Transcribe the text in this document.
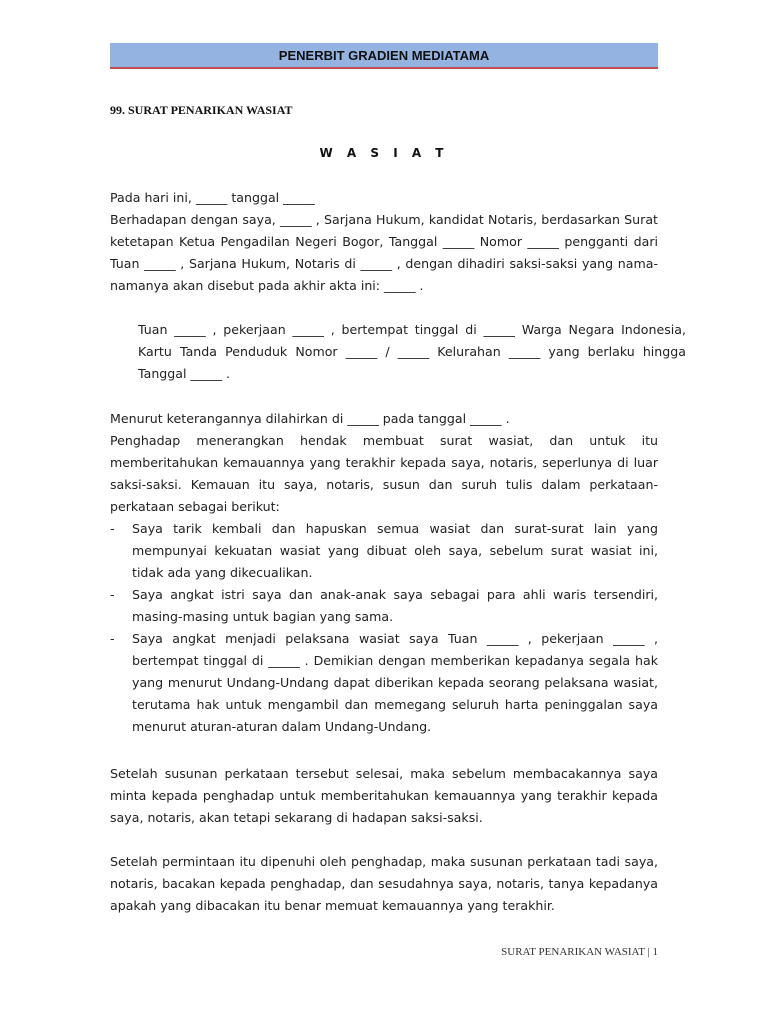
PENERBIT GRADIEN MEDIATAMA
99. SURAT PENARIKAN WASIAT
W A S I A T

Pada hari ini, _____ tanggal _____

Berhadapan dengan saya, _____ , Sarjana Hukum, kandidat Notaris, berdasarkan Surat ketetapan Ketua Pengadilan Negeri Bogor, Tanggal _____ Nomor _____ pengganti dari Tuan _____ , Sarjana Hukum, Notaris di _____ , dengan dihadiri saksi-saksi yang nama-namanya akan disebut pada akhir akta ini: _____ .

Tuan _____ , pekerjaan _____ , bertempat tinggal di _____ Warga Negara Indonesia, Kartu Tanda Penduduk Nomor _____ / _____ Kelurahan _____ yang berlaku hingga Tanggal _____ .

Menurut keterangannya dilahirkan di _____ pada tanggal _____ .

Penghadap menerangkan hendak membuat surat wasiat, dan untuk itu memberitahukan kemauannya yang terakhir kepada saya, notaris, seperlunya di luar saksi-saksi. Kemauan itu saya, notaris, susun dan suruh tulis dalam perkataan-perkataan sebagai berikut:

- Saya tarik kembali dan hapuskan semua wasiat dan surat-surat lain yang mempunyai kekuatan wasiat yang dibuat oleh saya, sebelum surat wasiat ini, tidak ada yang dikecualikan.
- Saya angkat istri saya dan anak-anak saya sebagai para ahli waris tersendiri, masing-masing untuk bagian yang sama.
- Saya angkat menjadi pelaksana wasiat saya Tuan _____ , pekerjaan _____ , bertempat tinggal di _____ . Demikian dengan memberikan kepadanya segala hak yang menurut Undang-Undang dapat diberikan kepada seorang pelaksana wasiat, terutama hak untuk mengambil dan memegang seluruh harta peninggalan saya menurut aturan-aturan dalam Undang-Undang.

Setelah susunan perkataan tersebut selesai, maka sebelum membacakannya saya minta kepada penghadap untuk memberitahukan kemauannya yang terakhir kepada saya, notaris, akan tetapi sekarang di hadapan saksi-saksi.

Setelah permintaan itu dipenuhi oleh penghadap, maka susunan perkataan tadi saya, notaris, bacakan kepada penghadap, dan sesudahnya saya, notaris, tanya kepadanya apakah yang dibacakan itu benar memuat kemauannya yang terakhir.

SURAT PENARIKAN WASIAT | 1
